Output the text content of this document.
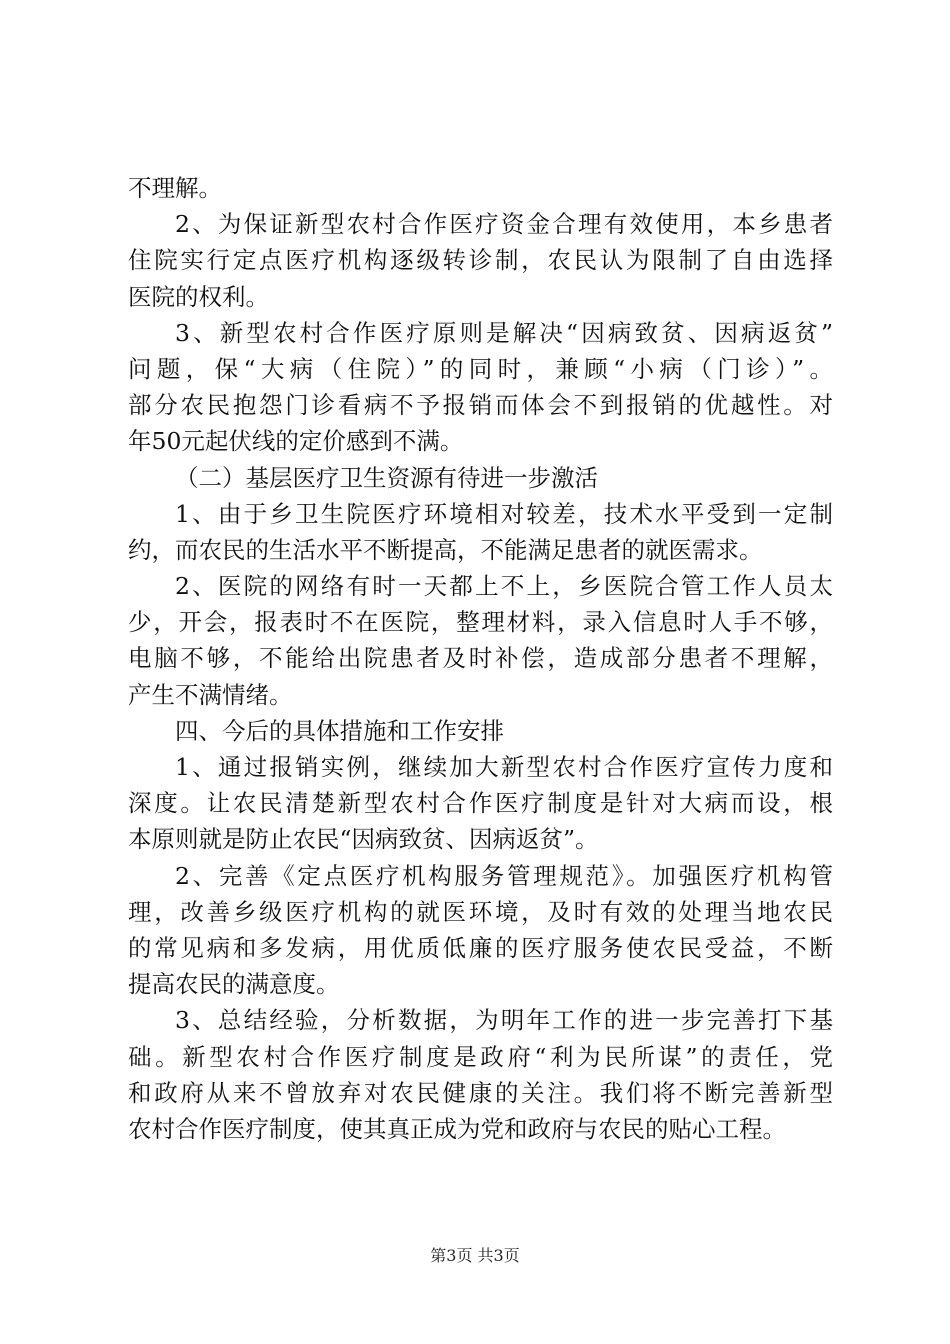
不理解。
2、为保证新型农村合作医疗资金合理有效使用，本乡患者
住院实行定点医疗机构逐级转诊制，农民认为限制了自由选择
医院的权利。
3、新型农村合作医疗原则是解决“因病致贫、因病返贫”
问题，保“大病（住院）”的同时，兼顾“小病（门诊）”。
部分农民抱怨门诊看病不予报销而体会不到报销的优越性。对
年50元起伏线的定价感到不满。
（二）基层医疗卫生资源有待进一步激活
1、由于乡卫生院医疗环境相对较差，技术水平受到一定制
约，而农民的生活水平不断提高，不能满足患者的就医需求。
2、医院的网络有时一天都上不上，乡医院合管工作人员太
少，开会，报表时不在医院，整理材料，录入信息时人手不够，
电脑不够，不能给出院患者及时补偿，造成部分患者不理解，
产生不满情绪。
四、今后的具体措施和工作安排
1、通过报销实例，继续加大新型农村合作医疗宣传力度和
深度。让农民清楚新型农村合作医疗制度是针对大病而设，根
本原则就是防止农民“因病致贫、因病返贫”。
2、完善《定点医疗机构服务管理规范》。加强医疗机构管
理，改善乡级医疗机构的就医环境，及时有效的处理当地农民
的常见病和多发病，用优质低廉的医疗服务使农民受益，不断
提高农民的满意度。
3、总结经验，分析数据，为明年工作的进一步完善打下基
础。新型农村合作医疗制度是政府“利为民所谋”的责任，党
和政府从来不曾放弃对农民健康的关注。我们将不断完善新型
农村合作医疗制度，使其真正成为党和政府与农民的贴心工程。
第3页 共3页
